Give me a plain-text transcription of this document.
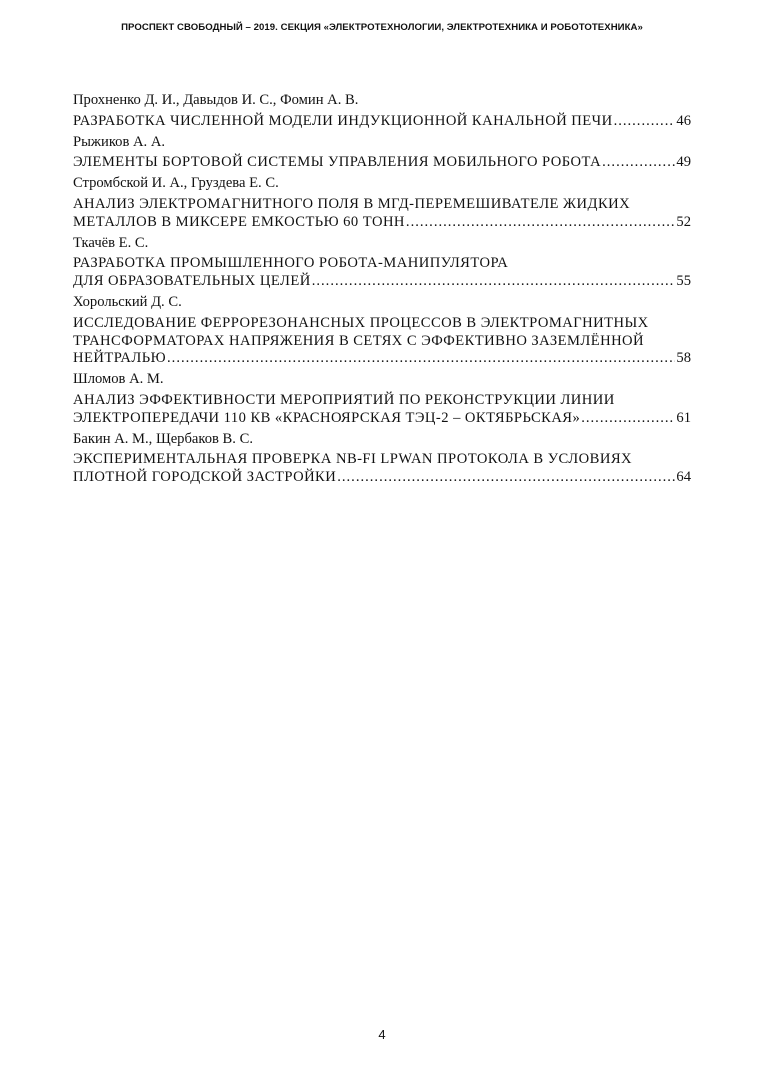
ПРОСПЕКТ СВОБОДНЫЙ – 2019. СЕКЦИЯ «ЭЛЕКТРОТЕХНОЛОГИИ, ЭЛЕКТРОТЕХНИКА И РОБОТОТЕХНИКА»
Прохненко Д. И., Давыдов И. С., Фомин А. В.
РАЗРАБОТКА ЧИСЛЕННОЙ МОДЕЛИ ИНДУКЦИОННОЙ КАНАЛЬНОЙ ПЕЧИ .....	46
Рыжиков А. А.
ЭЛЕМЕНТЫ БОРТОВОЙ СИСТЕМЫ УПРАВЛЕНИЯ МОБИЛЬНОГО РОБОТА .....	49
Стромбской И. А., Груздева Е. С.
АНАЛИЗ ЭЛЕКТРОМАГНИТНОГО ПОЛЯ В МГД-ПЕРЕМЕШИВАТЕЛЕ ЖИДКИХ
МЕТАЛЛОВ В МИКСЕРЕ ЕМКОСТЬЮ 60 ТОНН .....	52
Ткачёв Е. С.
РАЗРАБОТКА ПРОМЫШЛЕННОГО РОБОТА-МАНИПУЛЯТОРА
ДЛЯ ОБРАЗОВАТЕЛЬНЫХ ЦЕЛЕЙ .....	55
Хорольский Д. С.
ИССЛЕДОВАНИЕ ФЕРРОРЕЗОНАНСНЫХ ПРОЦЕССОВ В ЭЛЕКТРОМАГНИТНЫХ
ТРАНСФОРМАТОРАХ НАПРЯЖЕНИЯ В СЕТЯХ С ЭФФЕКТИВНО ЗАЗЕМЛЁННОЙ
НЕЙТРАЛЬЮ .....	58
Шломов А. М.
АНАЛИЗ ЭФФЕКТИВНОСТИ МЕРОПРИЯТИЙ ПО РЕКОНСТРУКЦИИ ЛИНИИ
ЭЛЕКТРОПЕРЕДАЧИ 110 КВ «КРАСНОЯРСКАЯ ТЭЦ-2 – ОКТЯБРЬСКАЯ» .....	61
Бакин А. М., Щербаков В. С.
ЭКСПЕРИМЕНТАЛЬНАЯ ПРОВЕРКА NB-FI LPWAN ПРОТОКОЛА В УСЛОВИЯХ
ПЛОТНОЙ ГОРОДСКОЙ ЗАСТРОЙКИ .....	64
4
